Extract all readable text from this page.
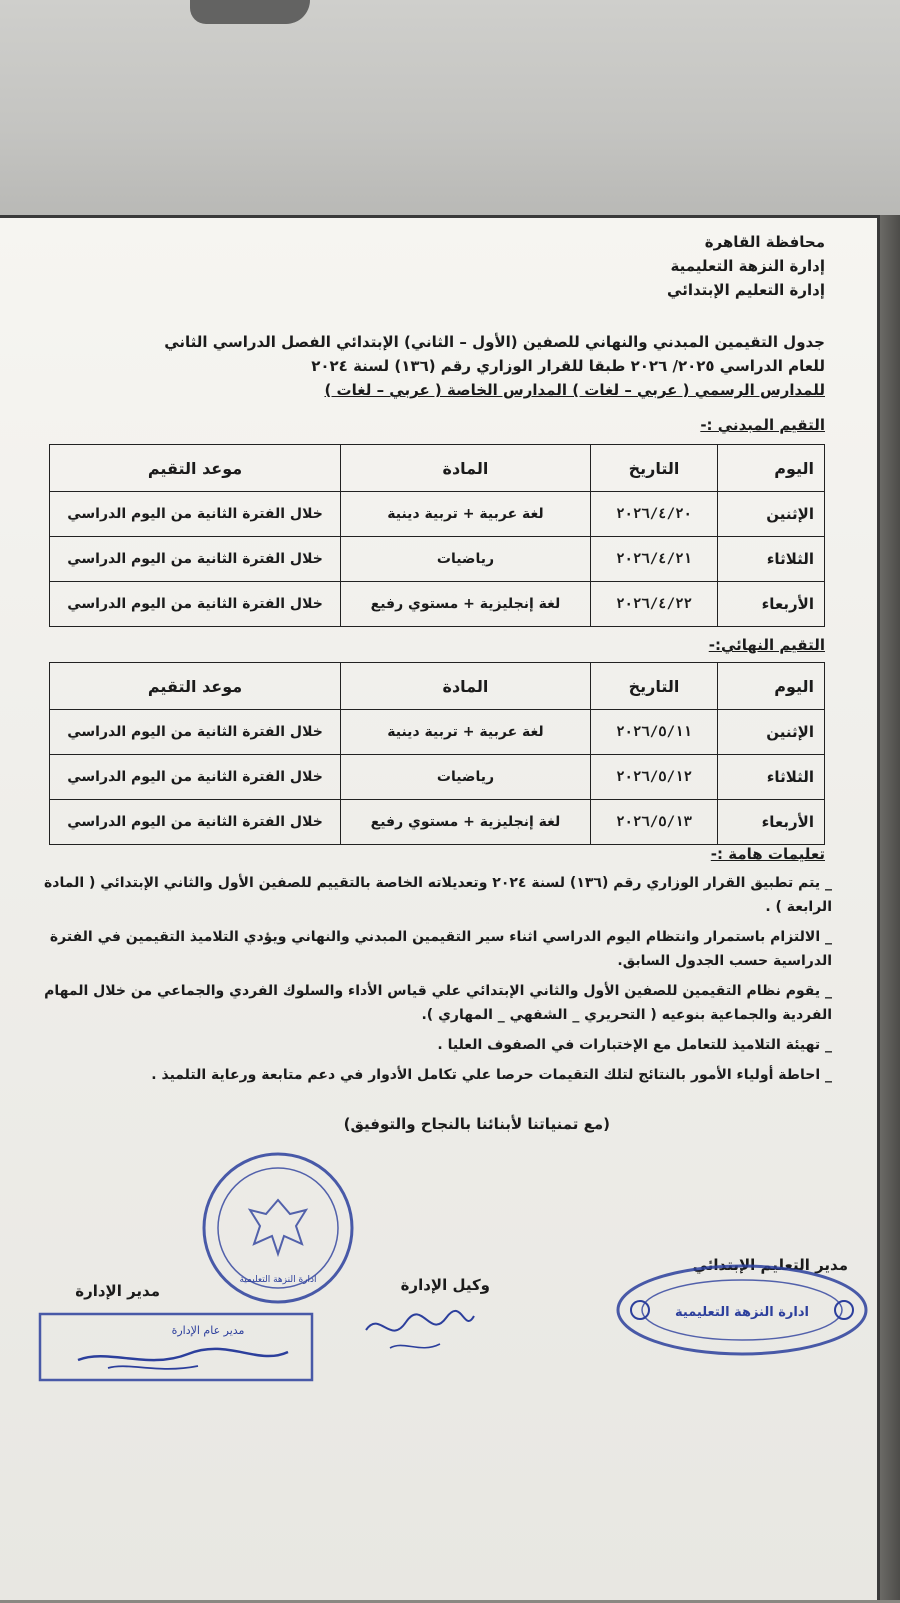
محافظة القاهرة
إدارة النزهة التعليمية
إدارة التعليم الإبتدائي
جدول التقيمين المبدني والنهاني للصفين (الأول – الثاني) الإبتدائي الفصل الدراسي الثاني
للعام الدراسي ٢٠٢٥/ ٢٠٢٦ طبقا للقرار الوزاري رقم (١٣٦) لسنة ٢٠٢٤
للمدارس الرسمي ( عربي – لغات ) المدارس الخاصة ( عربي – لغات )
التقيم المبدني :-
اليوم	التاريخ	المادة	موعد التقيم
الإثنين	٢٠٢٦/٤/٢٠	لغة عربية + تربية دينية	خلال الفترة الثانية من اليوم الدراسي
الثلاثاء	٢٠٢٦/٤/٢١	رياضيات	خلال الفترة الثانية من اليوم الدراسي
الأربعاء	٢٠٢٦/٤/٢٢	لغة إنجليزية + مستوي رفيع	خلال الفترة الثانية من اليوم الدراسي
التقيم النهائي:-
اليوم	التاريخ	المادة	موعد التقيم
الإثنين	٢٠٢٦/٥/١١	لغة عربية + تربية دينية	خلال الفترة الثانية من اليوم الدراسي
الثلاثاء	٢٠٢٦/٥/١٢	رياضيات	خلال الفترة الثانية من اليوم الدراسي
الأربعاء	٢٠٢٦/٥/١٣	لغة إنجليزية + مستوي رفيع	خلال الفترة الثانية من اليوم الدراسي
تعليمات هامة :-
_ يتم تطبيق القرار الوزاري رقم (١٣٦) لسنة ٢٠٢٤ وتعديلاته الخاصة بالتقييم للصفين الأول والثاني الإبتدائي ( المادة الرابعة ) .
_ الالتزام باستمرار وانتظام اليوم الدراسي اثناء سير التقيمين المبدني والنهاني ويؤدي التلاميذ التقيمين في الفترة الدراسية حسب الجدول السابق.
_ يقوم نظام التقيمين للصفين الأول والثاني الإبتدائي علي قياس الأداء والسلوك الفردي والجماعي من خلال المهام الفردية والجماعية بنوعيه ( التحريري _ الشفهي _ المهاري ).
_ تهيئة التلاميذ للتعامل مع الإختبارات في الصفوف العليا .
_ احاطة أولياء الأمور بالنتائج لتلك التقيمات حرصا علي تكامل الأدوار في دعم متابعة ورعاية التلميذ .
(مع تمنياتنا لأبنائنا بالنجاح والتوفيق)
مدير التعليم الإبتدائي
وكيل الإدارة
مدير الإدارة
ادارة النزهة التعليمية
ادارة النزهة التعليمية
مدير عام الإدارة
